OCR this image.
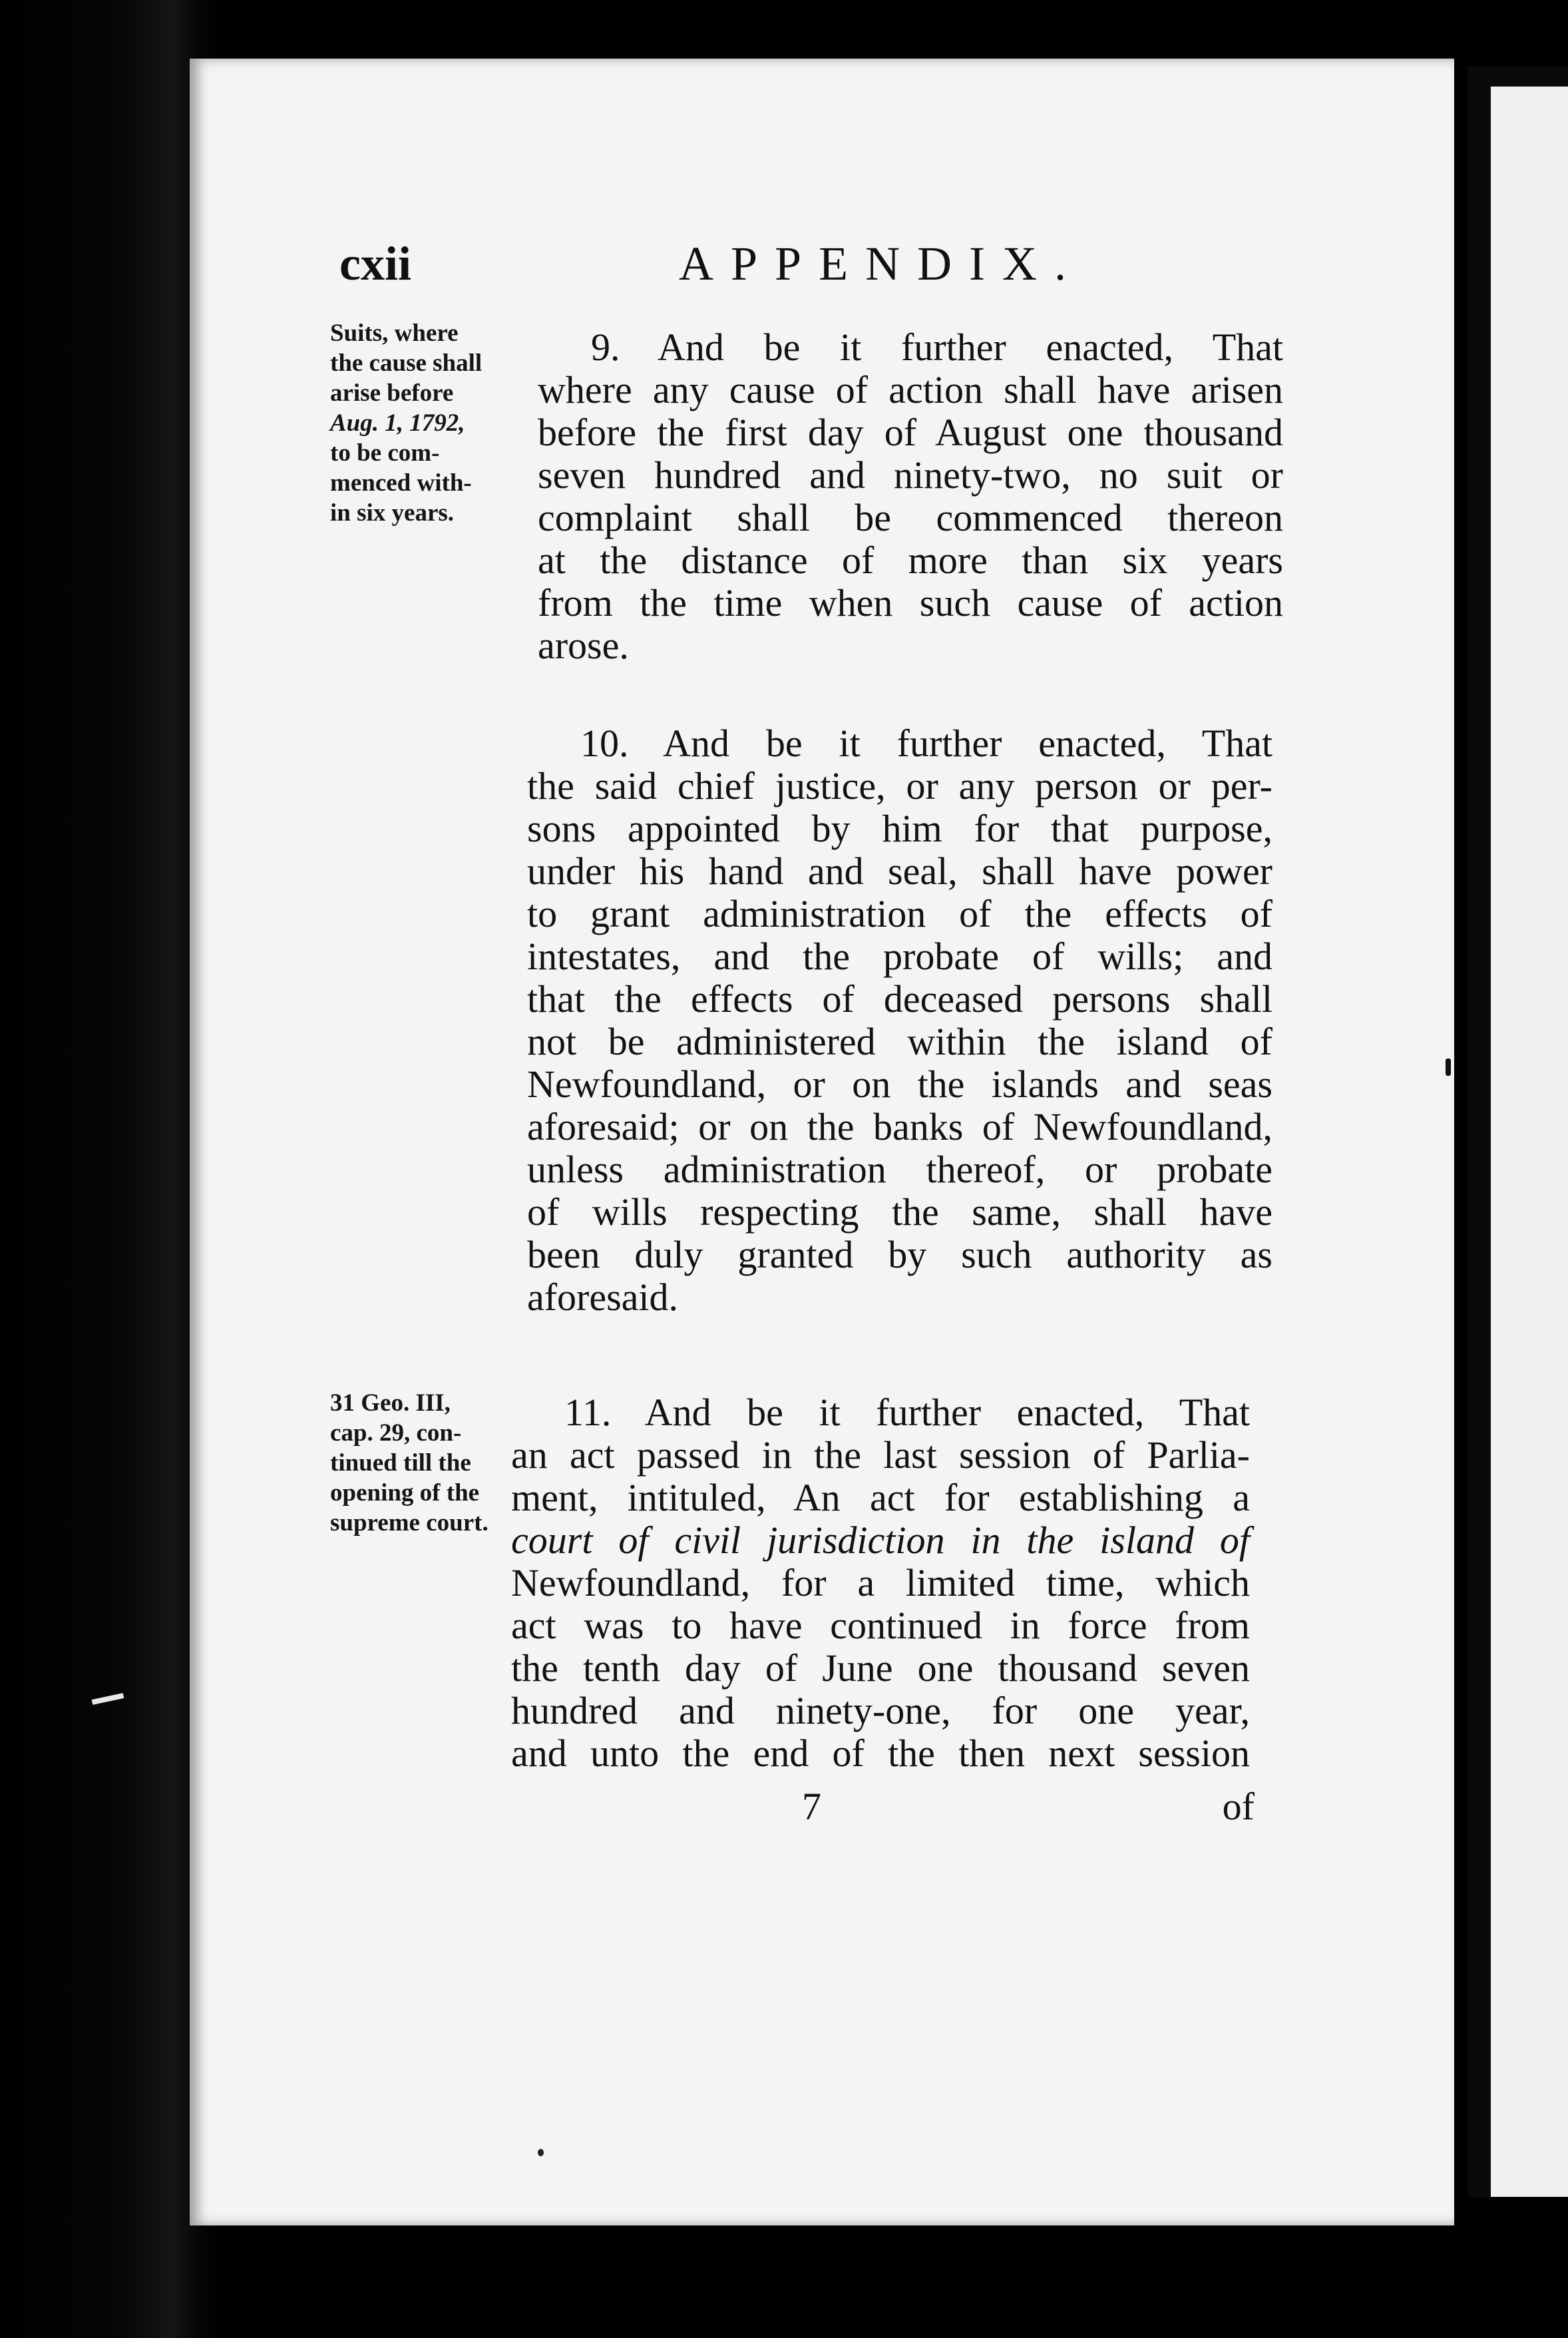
cxii	APPENDIX.
Suits, where
the cause shall
arise before
Aug. 1, 1792,
to be com-
menced with-
in six years.
9. And be it further enacted, That
where any cause of action shall have arisen
before the first day of August one thousand
seven hundred and ninety-two, no suit or
complaint shall be commenced thereon
at the distance of more than six years
from the time when such cause of action
arose.
10. And be it further enacted, That
the said chief justice, or any person or per-
sons appointed by him for that purpose,
under his hand and seal, shall have power
to grant administration of the effects of
intestates, and the probate of wills; and
that the effects of deceased persons shall
not be administered within the island of
Newfoundland, or on the islands and seas
aforesaid; or on the banks of Newfoundland,
unless administration thereof, or probate
of wills respecting the same, shall have
been duly granted by such authority as
aforesaid.
31 Geo. III,
cap. 29, con-
tinued till the
opening of the
supreme court.
11. And be it further enacted, That
an act passed in the last session of Parlia-
ment, intituled, An act for establishing a
court of civil jurisdiction in the island of
Newfoundland, for a limited time, which
act was to have continued in force from
the tenth day of June one thousand seven
hundred and ninety-one, for one year,
and unto the end of the then next session
7	of
